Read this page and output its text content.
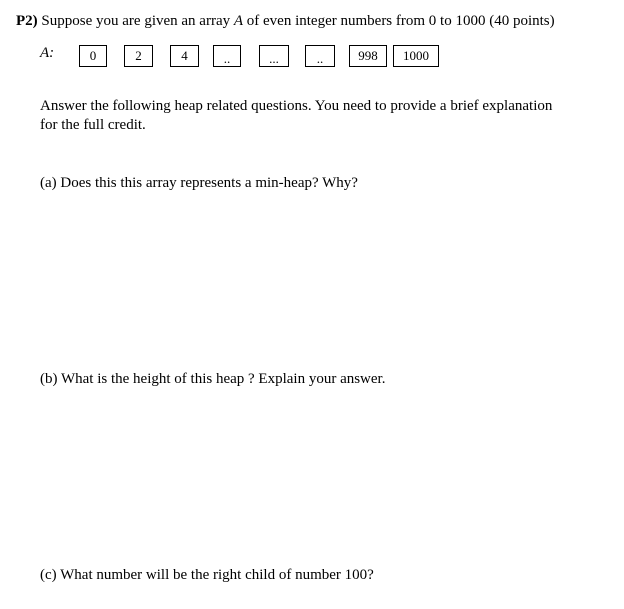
P2) Suppose you are given an array A of even integer numbers from 0 to 1000 (40 points)
A:	0	2	4	..	...	..	998	1000
Answer the following heap related questions. You need to provide a brief explanation
for the full credit.
(a) Does this this array represents a min-heap? Why?
(b) What is the height of this heap ? Explain your answer.
(c) What number will be the right child of number 100?
